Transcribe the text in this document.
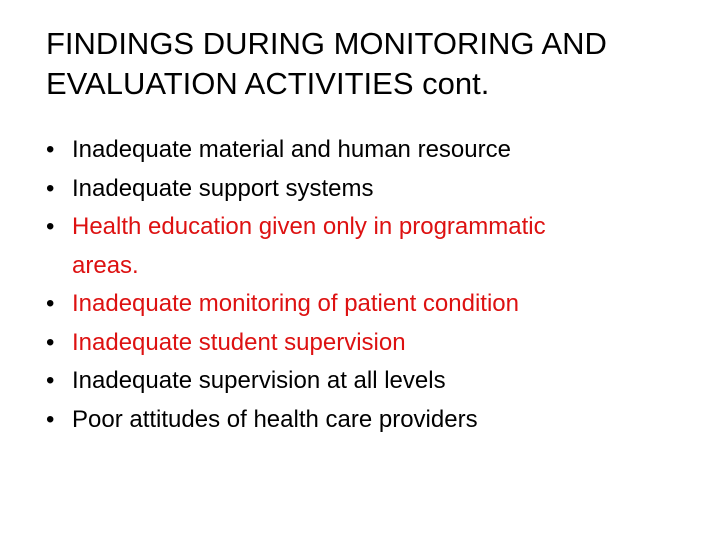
FINDINGS DURING MONITORING AND
EVALUATION ACTIVITIES cont.
• Inadequate material and human resource
• Inadequate support systems
• Health education given only in programmatic
areas.
• Inadequate monitoring of patient condition
• Inadequate student supervision
• Inadequate supervision at all levels
• Poor attitudes of health care providers
